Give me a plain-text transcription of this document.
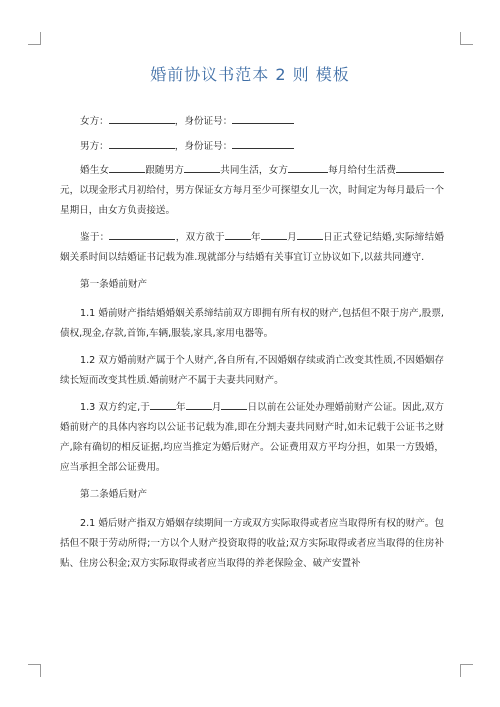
婚前协议书范本 2 则 模板

女方：	，身份证号：

男方：	，身份证号：

婚生女	跟随男方	共同生活，女方	每月给付生活费元，以现金形式月初给付，男方保证女方每月至少可探望女儿一次，时间定为每月最后一个星期日，由女方负责接送。

鉴于：	，双方欲于	年	月	日正式登记结婚,实际缔结婚姻关系时间以结婚证书记载为准.现就部分与结婚有关事宜订立协议如下,以兹共同遵守.

第一条婚前财产

1.1 婚前财产指结婚婚姻关系缔结前双方即拥有所有权的财产,包括但不限于房产,股票,债权,现金,存款,首饰,车辆,服装,家具,家用电器等。

1.2 双方婚前财产属于个人财产,各自所有,不因婚姻存续或消亡改变其性质,不因婚姻存续长短而改变其性质.婚前财产不属于夫妻共同财产。

1.3 双方约定,于	年	月	日以前在公证处办理婚前财产公证。因此,双方婚前财产的具体内容均以公证书记载为准,即在分割夫妻共同财产时,如未记载于公证书之财产,除有确切的相反证据,均应当推定为婚后财产。公证费用双方平均分担，如果一方毁婚，应当承担全部公证费用。

第二条婚后财产

2.1 婚后财产指双方婚姻存续期间一方或双方实际取得或者应当取得所有权的财产。包括但不限于劳动所得;一方以个人财产投资取得的收益;双方实际取得或者应当取得的住房补贴、住房公积金;双方实际取得或者应当取得的养老保险金、破产安置补
